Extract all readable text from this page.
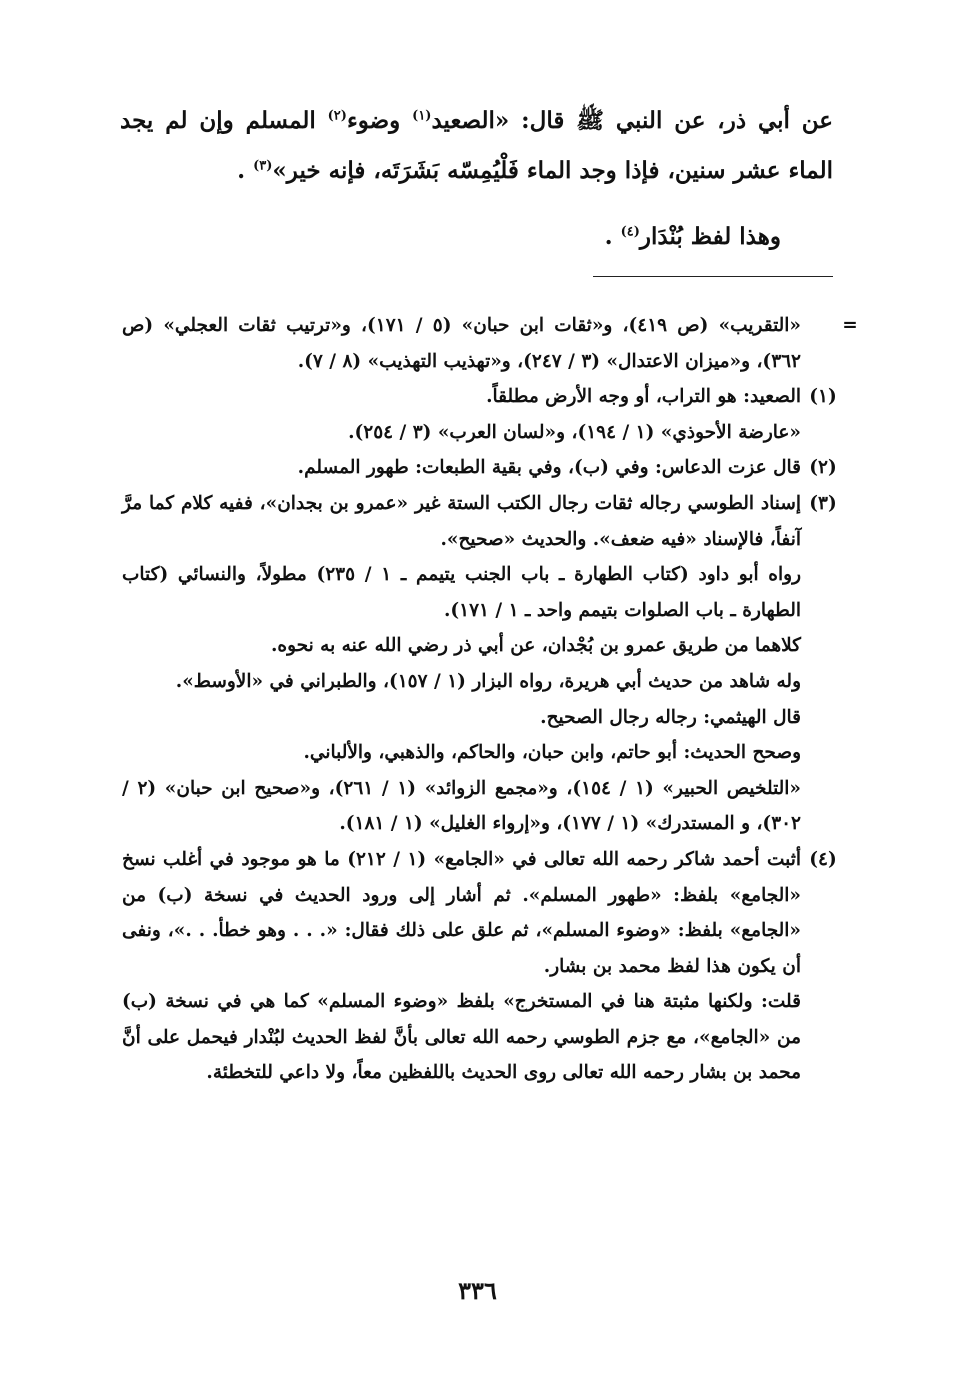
عن أبي ذر، عن النبي ﷺ قال: «الصعيد$^{(١)}$ وضوء$^{(٢)}$ المسلم وإن لم يجد الماء عشر سنين، فإذا وجد الماء فَلْيُمِسّه بَشَرَتَه، فإنه خير»$^{(٣)}$ .

وهذا لفظ بُنْدَار$^{(٤)}$ .

=

«التقريب» (ص ٤١٩)، و«ثقات ابن حبان» (٥ / ١٧١)، و«ترتيب ثقات العجلي» (ص ٣٦٢)، و«ميزان الاعتدال» (٣ / ٢٤٧)، و«تهذيب التهذيب» (٨ / ٧).

(١)

الصعيد: هو التراب، أو وجه الأرض مطلقاً.

«عارضة الأحوذي» (١ / ١٩٤)، و«لسان العرب» (٣ / ٢٥٤).

(٢)

قال عزت الدعاس: وفي (ب)، وفي بقية الطبعات: طهور المسلم.

(٣)

إسناد الطوسي رجاله ثقات رجال الكتب الستة غير «عمرو بن بجدان»، ففيه كلام كما مرَّ آنفاً، فالإسناد «فيه ضعف». والحديث «صحيح».

رواه أبو داود (كتاب الطهارة ـ باب الجنب يتيمم ـ ١ / ٢٣٥) مطولاً، والنسائي (كتاب الطهارة ـ باب الصلوات بتيمم واحد ـ ١ / ١٧١).

كلاهما من طريق عمرو بن بُجْدان، عن أبي ذر رضي الله عنه به نحوه.

وله شاهد من حديث أبي هريرة، رواه البزار (١ / ١٥٧)، والطبراني في «الأوسط».

قال الهيثمي: رجاله رجال الصحيح.

وصحح الحديث: أبو حاتم، وابن حبان، والحاكم، والذهبي، والألباني.

«التلخيص الحبير» (١ / ١٥٤)، و«مجمع الزوائد» (١ / ٢٦١)، و«صحيح ابن حبان» (٢ / ٣٠٢)، و المستدرك» (١ / ١٧٧)، و«إرواء الغليل» (١ / ١٨١).

(٤)

أثبت أحمد شاكر رحمه الله تعالى في «الجامع» (١ / ٢١٢) ما هو موجود في أغلب نسخ «الجامع» بلفظ: «طهور المسلم». ثم أشار إلى ورود الحديث في نسخة (ب) من «الجامع» بلفظ: «وضوء المسلم»، ثم علق على ذلك فقال: «. . . وهو خطأ. . .»، ونفى أن يكون هذا لفظ محمد بن بشار.

قلت: ولكنها مثبتة هنا في المستخرج» بلفظ «وضوء المسلم» كما هي في نسخة (ب) من «الجامع»، مع جزم الطوسي رحمه الله تعالى بأنَّ لفظ الحديث لبُنْدار فيحمل على أنَّ محمد بن بشار رحمه الله تعالى روى الحديث باللفظين معاً، ولا داعي للتخطئة.

٣٣٦
